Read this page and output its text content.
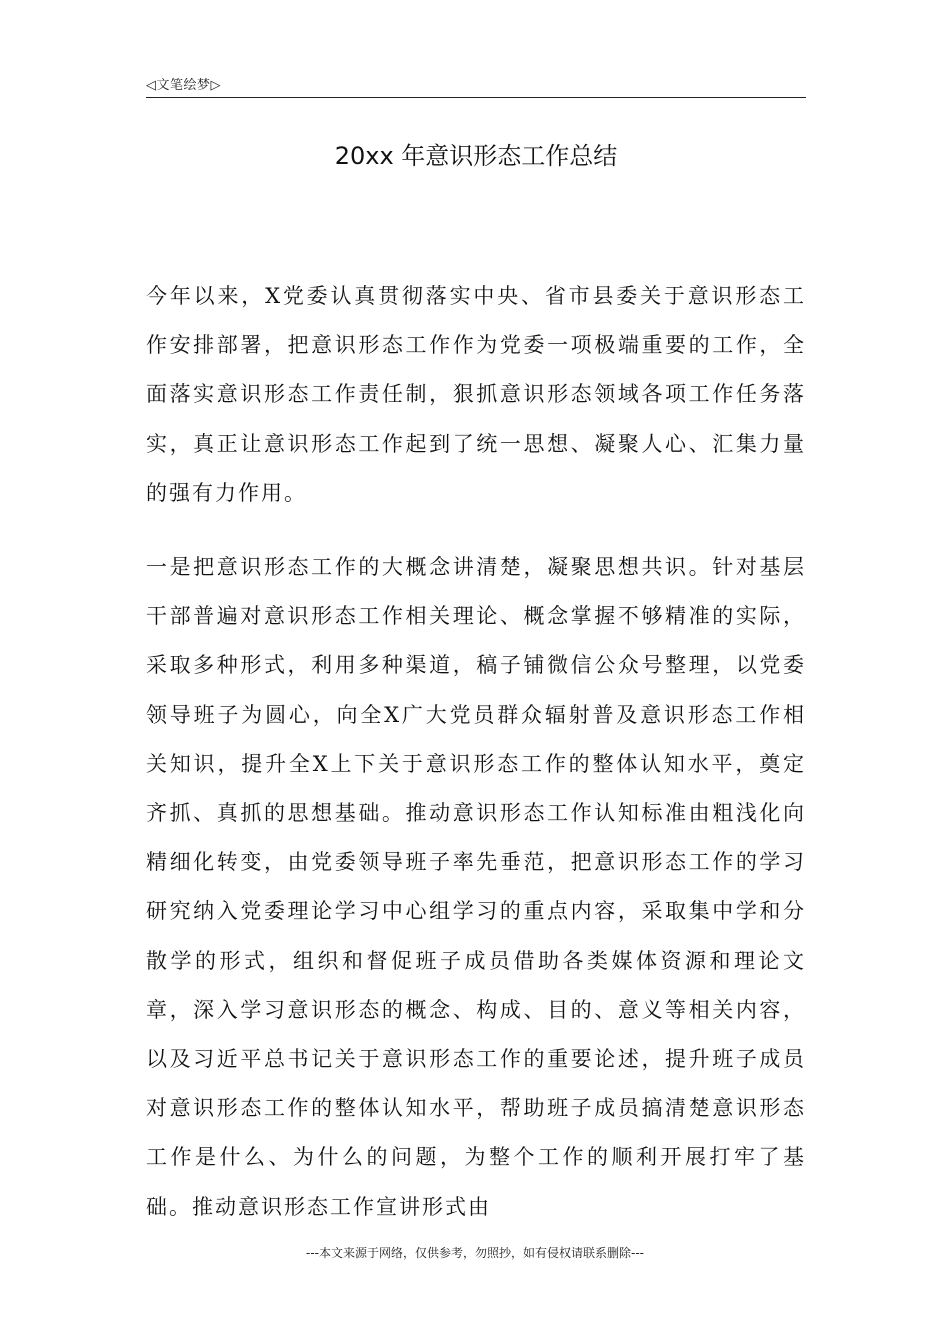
◁文笔绘梦▷
20xx 年意识形态工作总结

今年以来，X党委认真贯彻落实中央、省市县委关于意识形态工作安排部署，把意识形态工作作为党委一项极端重要的工作，全面落实意识形态工作责任制，狠抓意识形态领域各项工作任务落实，真正让意识形态工作起到了统一思想、凝聚人心、汇集力量的强有力作用。

一是把意识形态工作的大概念讲清楚，凝聚思想共识。针对基层干部普遍对意识形态工作相关理论、概念掌握不够精准的实际，采取多种形式，利用多种渠道，稿子铺微信公众号整理，以党委领导班子为圆心，向全X广大党员群众辐射普及意识形态工作相关知识，提升全X上下关于意识形态工作的整体认知水平，奠定齐抓、真抓的思想基础。推动意识形态工作认知标准由粗浅化向精细化转变，由党委领导班子率先垂范，把意识形态工作的学习研究纳入党委理论学习中心组学习的重点内容，采取集中学和分散学的形式，组织和督促班子成员借助各类媒体资源和理论文章，深入学习意识形态的概念、构成、目的、意义等相关内容，以及习近平总书记关于意识形态工作的重要论述，提升班子成员对意识形态工作的整体认知水平，帮助班子成员搞清楚意识形态工作是什么、为什么的问题，为整个工作的顺利开展打牢了基础。推动意识形态工作宣讲形式由

---本文来源于网络，仅供参考，勿照抄，如有侵权请联系删除---
